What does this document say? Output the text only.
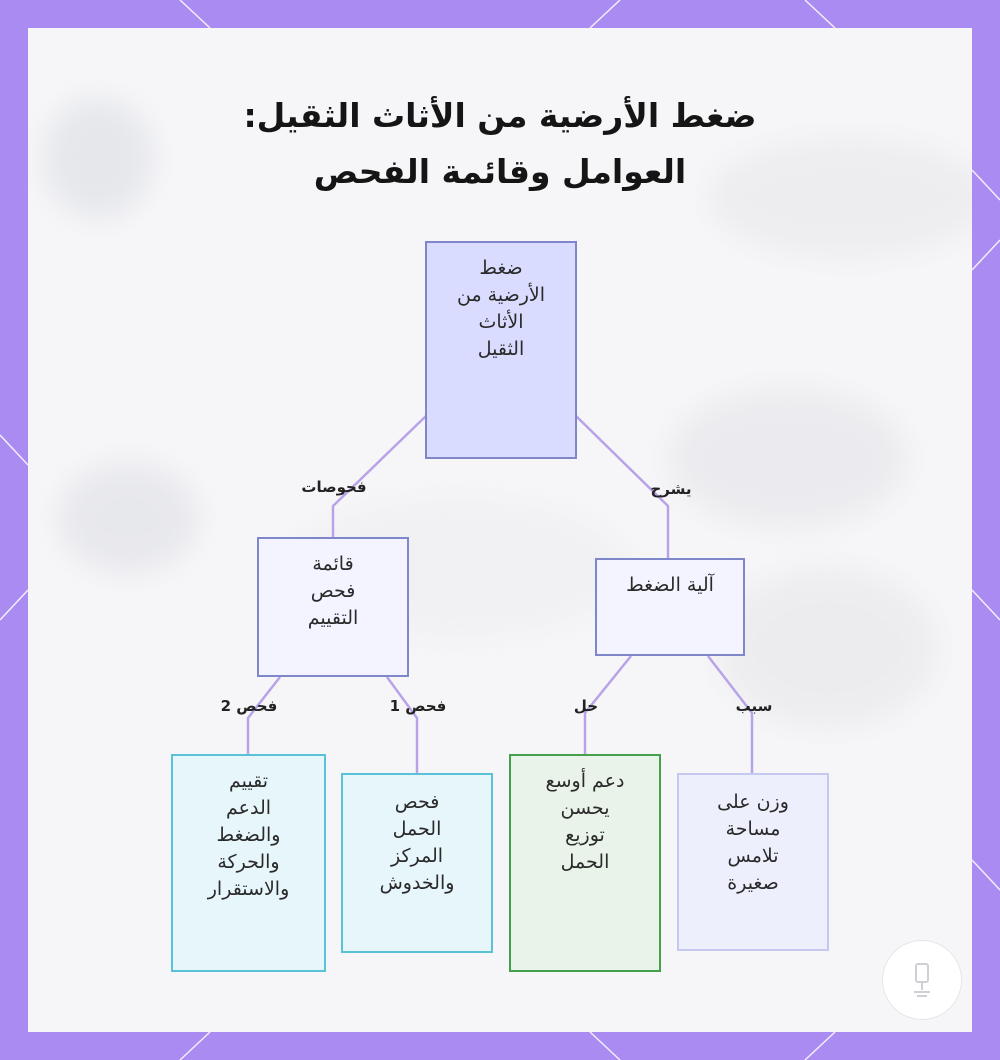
ضغط الأرضية من الأثاث الثقيل:
العوامل وقائمة الفحص
ضغط
الأرضية من
الأثاث
الثقيل
آلية الضغط
قائمة
فحص
التقييم
وزن على
مساحة
تلامس
صغيرة
دعم أوسع
يحسن
توزيع
الحمل
فحص
الحمل
المركز
والخدوش
تقييم
الدعم
والضغط
والحركة
والاستقرار
يشرح
فحوصات
سبب
حل
فحص 1
فحص 2
